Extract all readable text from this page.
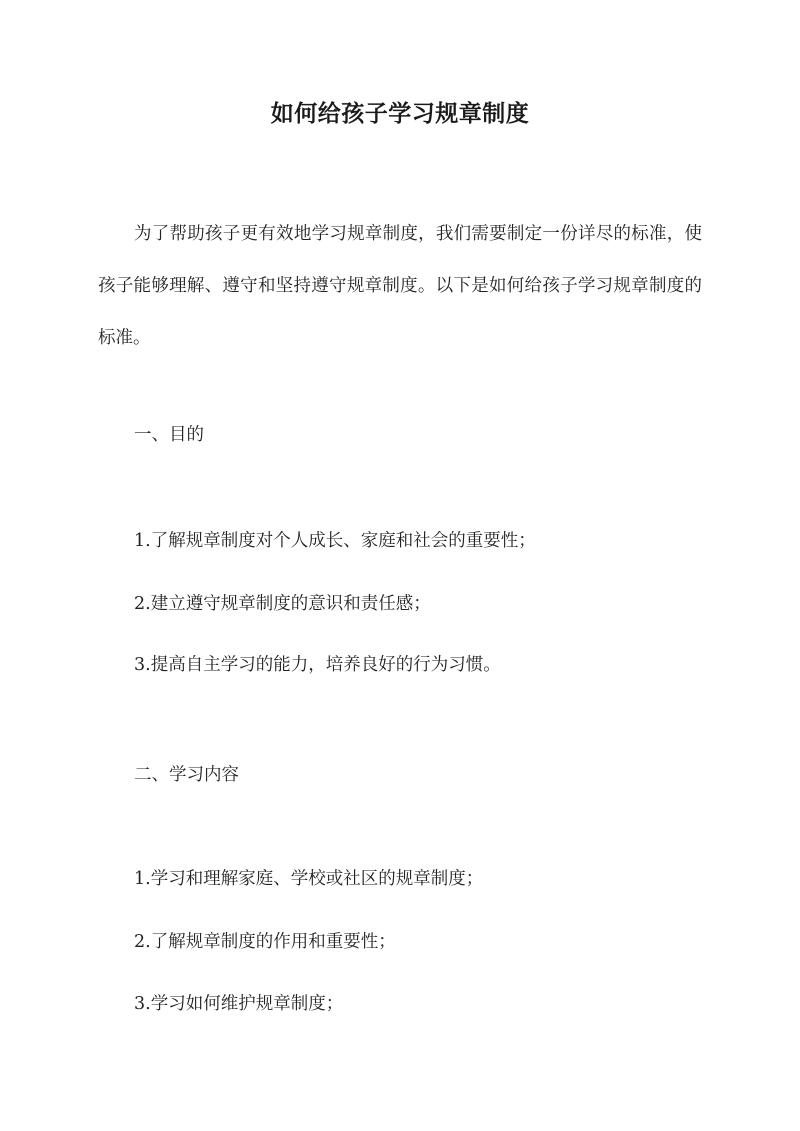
如何给孩子学习规章制度
为了帮助孩子更有效地学习规章制度，我们需要制定一份详尽的标准，使孩子能够理解、遵守和坚持遵守规章制度。以下是如何给孩子学习规章制度的标准。
一、目的
1.了解规章制度对个人成长、家庭和社会的重要性；
2.建立遵守规章制度的意识和责任感；
3.提高自主学习的能力，培养良好的行为习惯。
二、学习内容
1.学习和理解家庭、学校或社区的规章制度；
2.了解规章制度的作用和重要性；
3.学习如何维护规章制度；
